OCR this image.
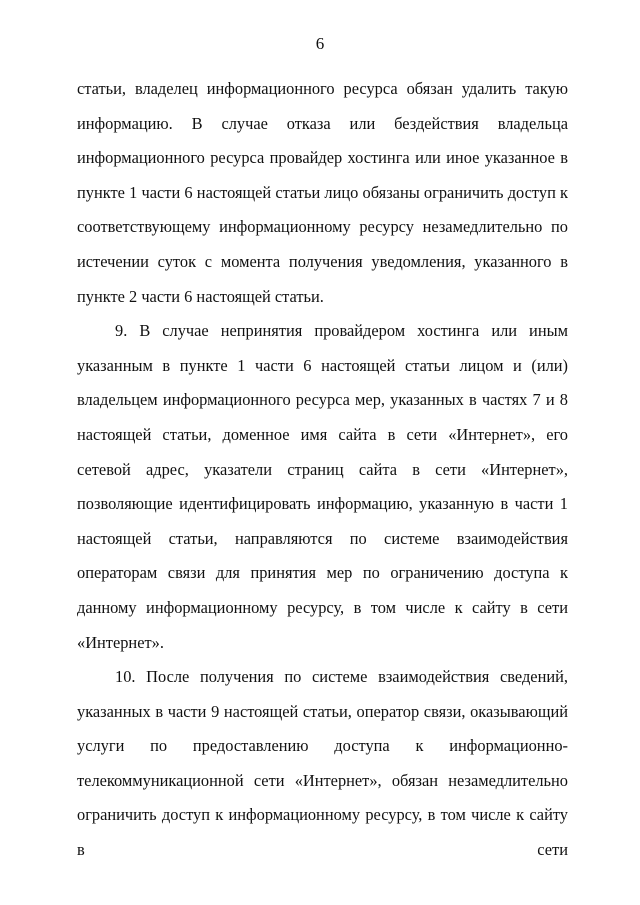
6

статьи, владелец информационного ресурса обязан удалить такую информацию. В случае отказа или бездействия владельца информационного ресурса провайдер хостинга или иное указанное в пункте 1 части 6 настоящей статьи лицо обязаны ограничить доступ к соответствующему информационному ресурсу незамедлительно по истечении суток с момента получения уведомления, указанного в пункте 2 части 6 настоящей статьи.

9. В случае непринятия провайдером хостинга или иным указанным в пункте 1 части 6 настоящей статьи лицом и (или) владельцем информационного ресурса мер, указанных в частях 7 и 8 настоящей статьи, доменное имя сайта в сети «Интернет», его сетевой адрес, указатели страниц сайта в сети «Интернет», позволяющие идентифицировать информацию, указанную в части 1 настоящей статьи, направляются по системе взаимодействия операторам связи для принятия мер по ограничению доступа к данному информационному ресурсу, в том числе к сайту в сети «Интернет».

10. После получения по системе взаимодействия сведений, указанных в части 9 настоящей статьи, оператор связи, оказывающий услуги по предоставлению доступа к информационно-телекоммуникационной сети «Интернет», обязан незамедлительно ограничить доступ к информационному ресурсу, в том числе к сайту в сети
